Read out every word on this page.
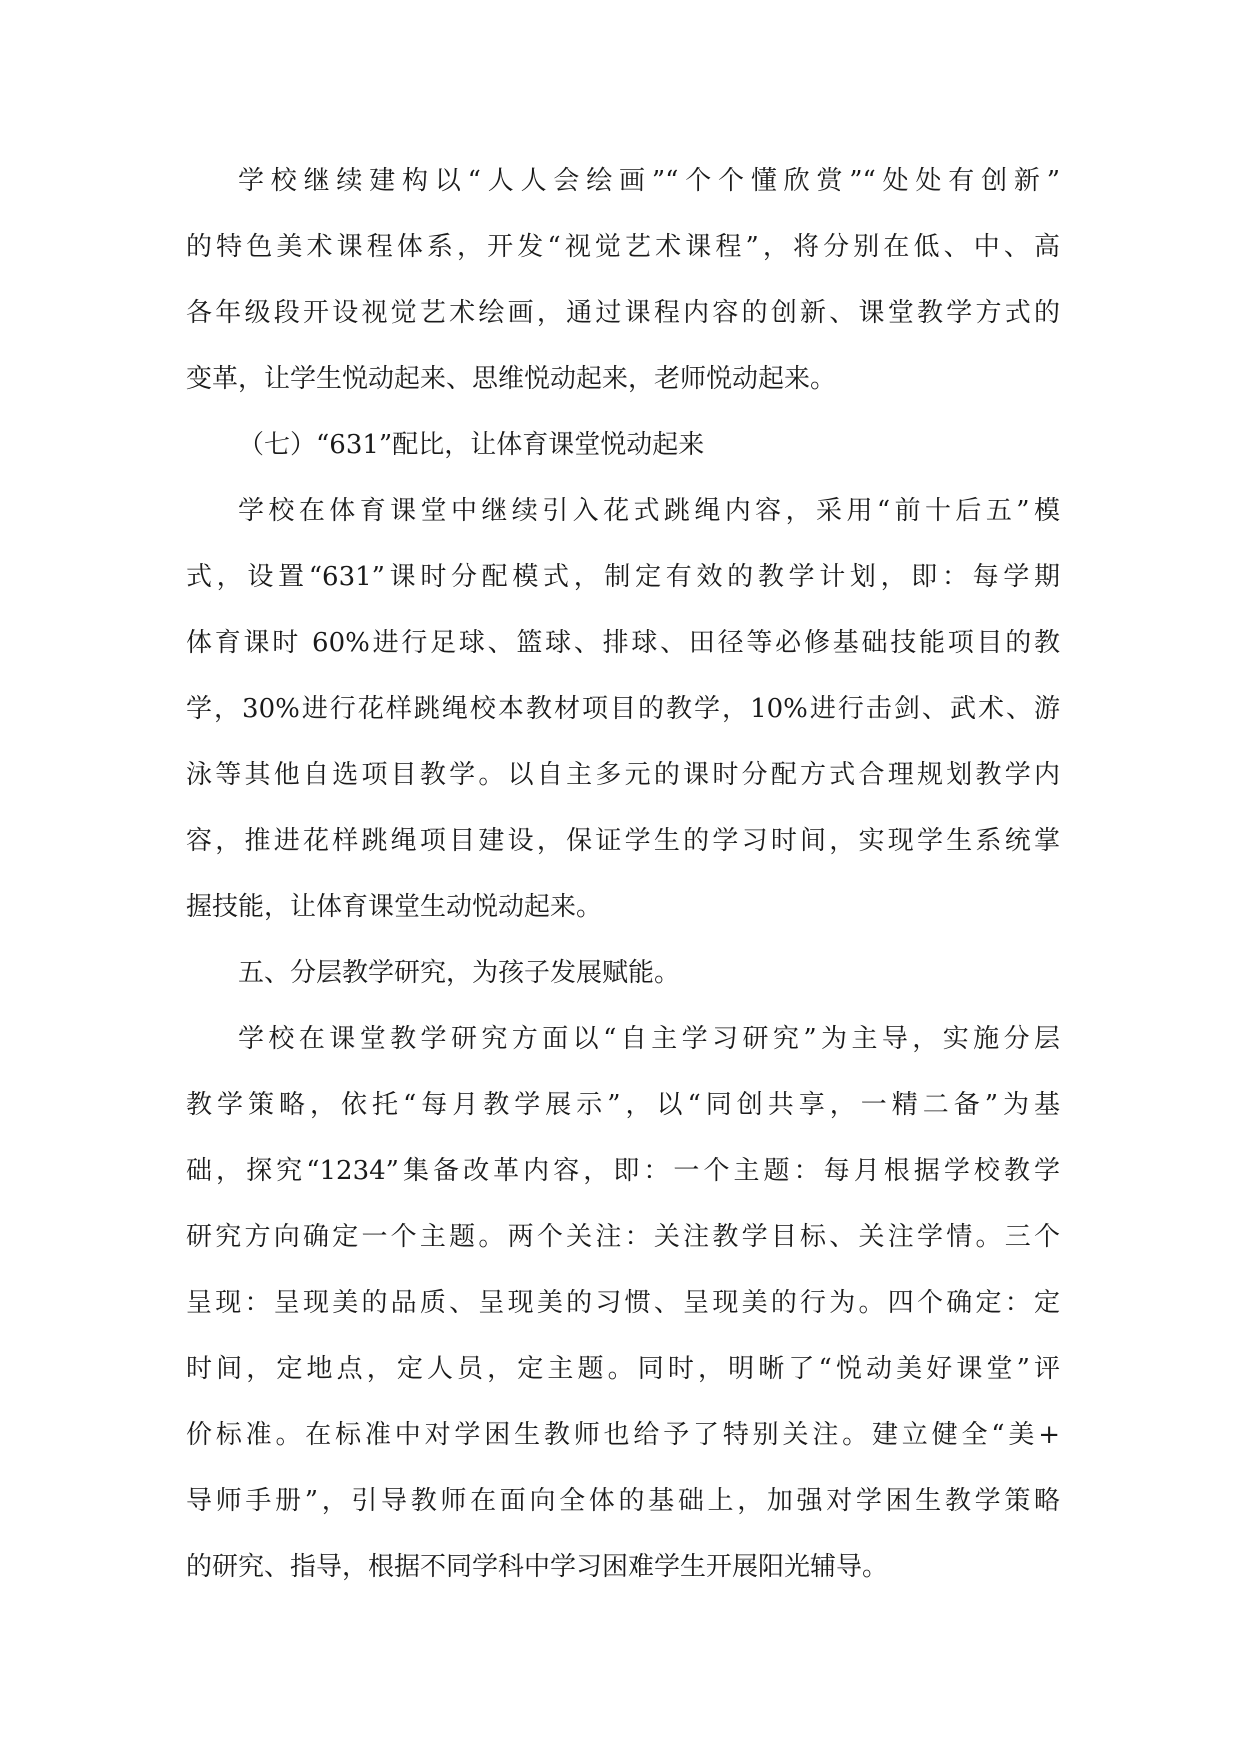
学校继续建构以“人人会绘画”“个个懂欣赏”“处处有创新”
的特色美术课程体系，开发“视觉艺术课程”，将分别在低、中、高
各年级段开设视觉艺术绘画，通过课程内容的创新、课堂教学方式的
变革，让学生悦动起来、思维悦动起来，老师悦动起来。
（七）“631”配比，让体育课堂悦动起来
学校在体育课堂中继续引入花式跳绳内容，采用“前十后五”模
式，设置“631”课时分配模式，制定有效的教学计划，即：每学期
体育课时 60%进行足球、篮球、排球、田径等必修基础技能项目的教
学，30%进行花样跳绳校本教材项目的教学，10%进行击剑、武术、游
泳等其他自选项目教学。以自主多元的课时分配方式合理规划教学内
容，推进花样跳绳项目建设，保证学生的学习时间，实现学生系统掌
握技能，让体育课堂生动悦动起来。
五、分层教学研究，为孩子发展赋能。
学校在课堂教学研究方面以“自主学习研究”为主导，实施分层
教学策略，依托“每月教学展示”，以“同创共享，一精二备”为基
础，探究“1234”集备改革内容，即：一个主题：每月根据学校教学
研究方向确定一个主题。两个关注：关注教学目标、关注学情。三个
呈现：呈现美的品质、呈现美的习惯、呈现美的行为。四个确定：定
时间，定地点，定人员，定主题。同时，明晰了“悦动美好课堂”评
价标准。在标准中对学困生教师也给予了特别关注。建立健全“美+
导师手册”，引导教师在面向全体的基础上，加强对学困生教学策略
的研究、指导，根据不同学科中学习困难学生开展阳光辅导。
